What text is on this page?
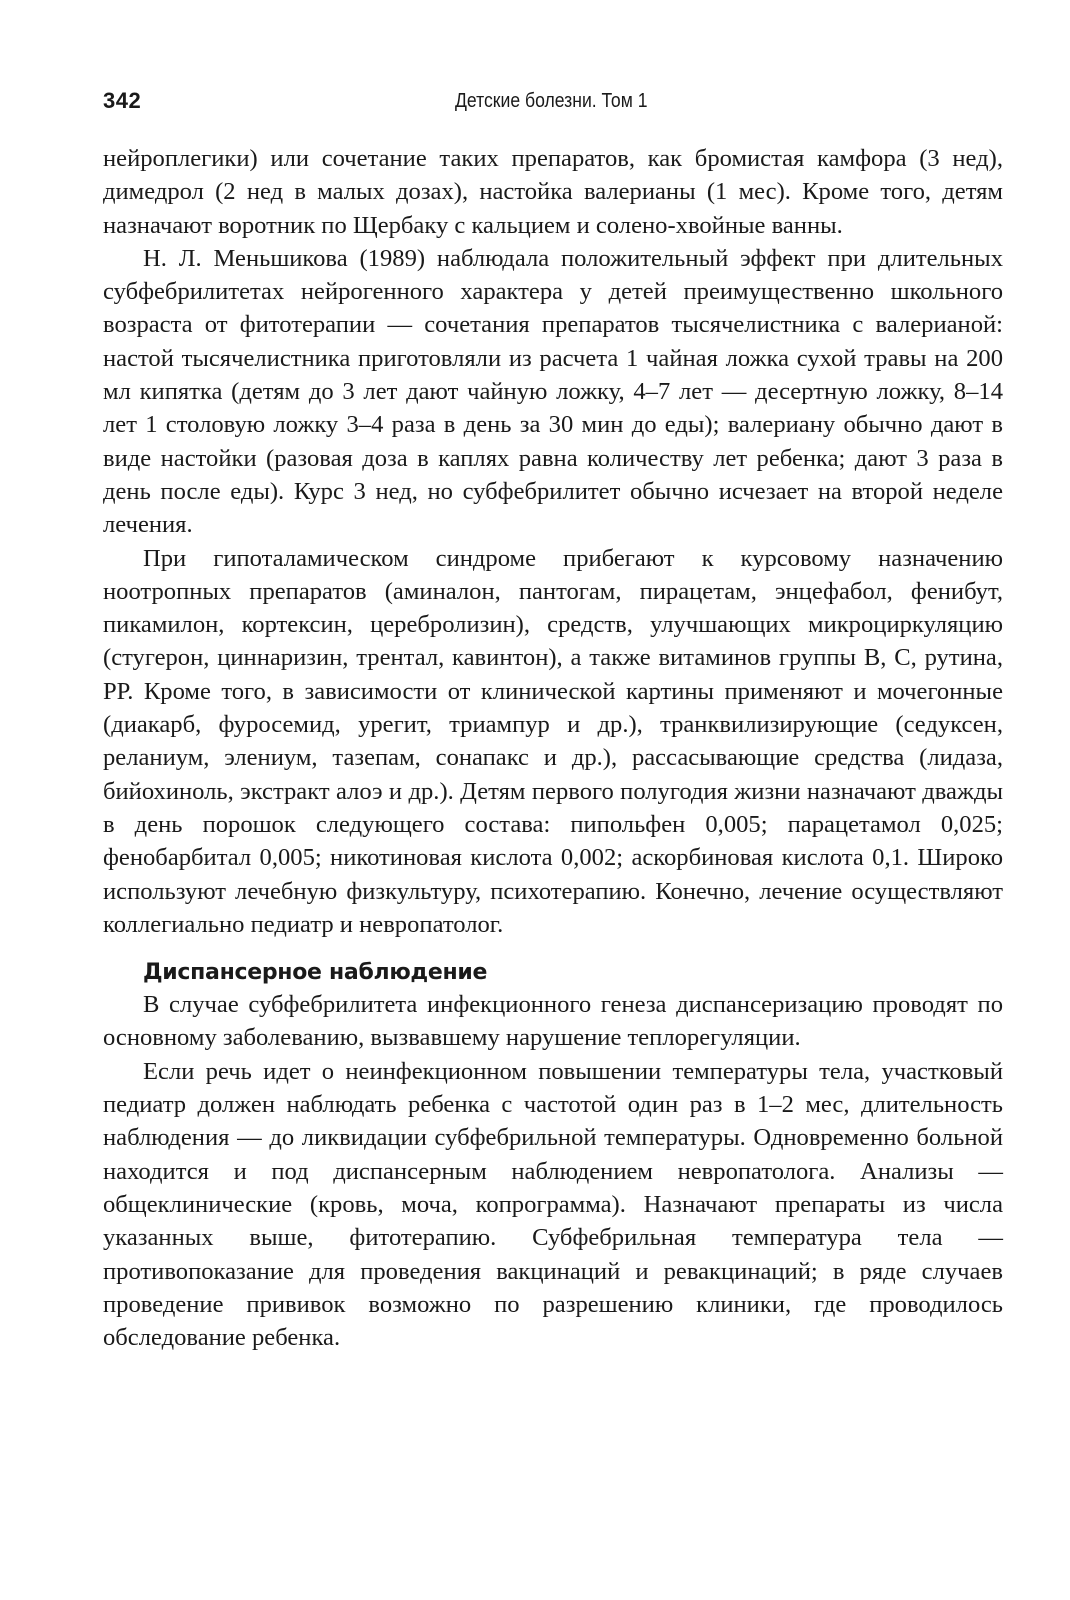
342	Детские болезни. Том 1

нейроплегики) или сочетание таких препаратов, как бромистая камфора (3 нед), димедрол (2 нед в малых дозах), настойка валерианы (1 мес). Кроме того, детям назначают воротник по Щербаку с кальцием и солено-хвойные ванны.

Н. Л. Меньшикова (1989) наблюдала положительный эффект при длительных субфебрилитетах нейрогенного характера у детей преимущественно школьного возраста от фитотерапии — сочетания препаратов тысячелистника с валерианой: настой тысячелистника приготовляли из расчета 1 чайная ложка сухой травы на 200 мл кипятка (детям до 3 лет дают чайную ложку, 4–7 лет — десертную ложку, 8–14 лет 1 столовую ложку 3–4 раза в день за 30 мин до еды); валериану обычно дают в виде настойки (разовая доза в каплях равна количеству лет ребенка; дают 3 раза в день после еды). Курс 3 нед, но субфебрилитет обычно исчезает на второй неделе лечения.

При гипоталамическом синдроме прибегают к курсовому назначению ноотропных препаратов (аминалон, пантогам, пирацетам, энцефабол, фенибут, пикамилон, кортексин, церебролизин), средств, улучшающих микроциркуляцию (стугерон, циннаризин, трентал, кавинтон), а также витаминов группы В, С, рутина, РР. Кроме того, в зависимости от клинической картины применяют и мочегонные (диакарб, фуросемид, урегит, триампур и др.), транквилизирующие (седуксен, реланиум, элениум, тазепам, сонапакс и др.), рассасывающие средства (лидаза, бийохиноль, экстракт алоэ и др.). Детям первого полугодия жизни назначают дважды в день порошок следующего состава: пипольфен 0,005; парацетамол 0,025; фенобарбитал 0,005; никотиновая кислота 0,002; аскорбиновая кислота 0,1. Широко используют лечебную физкультуру, психотерапию. Конечно, лечение осуществляют коллегиально педиатр и невропатолог.

Диспансерное наблюдение

В случае субфебрилитета инфекционного генеза диспансеризацию проводят по основному заболеванию, вызвавшему нарушение теплорегуляции.

Если речь идет о неинфекционном повышении температуры тела, участковый педиатр должен наблюдать ребенка с частотой один раз в 1–2 мес, длительность наблюдения — до ликвидации субфебрильной температуры. Одновременно больной находится и под диспансерным наблюдением невропатолога. Анализы — общеклинические (кровь, моча, копрограмма). Назначают препараты из числа указанных выше, фитотерапию. Субфебрильная температура тела — противопоказание для проведения вакцинаций и ревакцинаций; в ряде случаев проведение прививок возможно по разрешению клиники, где проводилось обследование ребенка.
